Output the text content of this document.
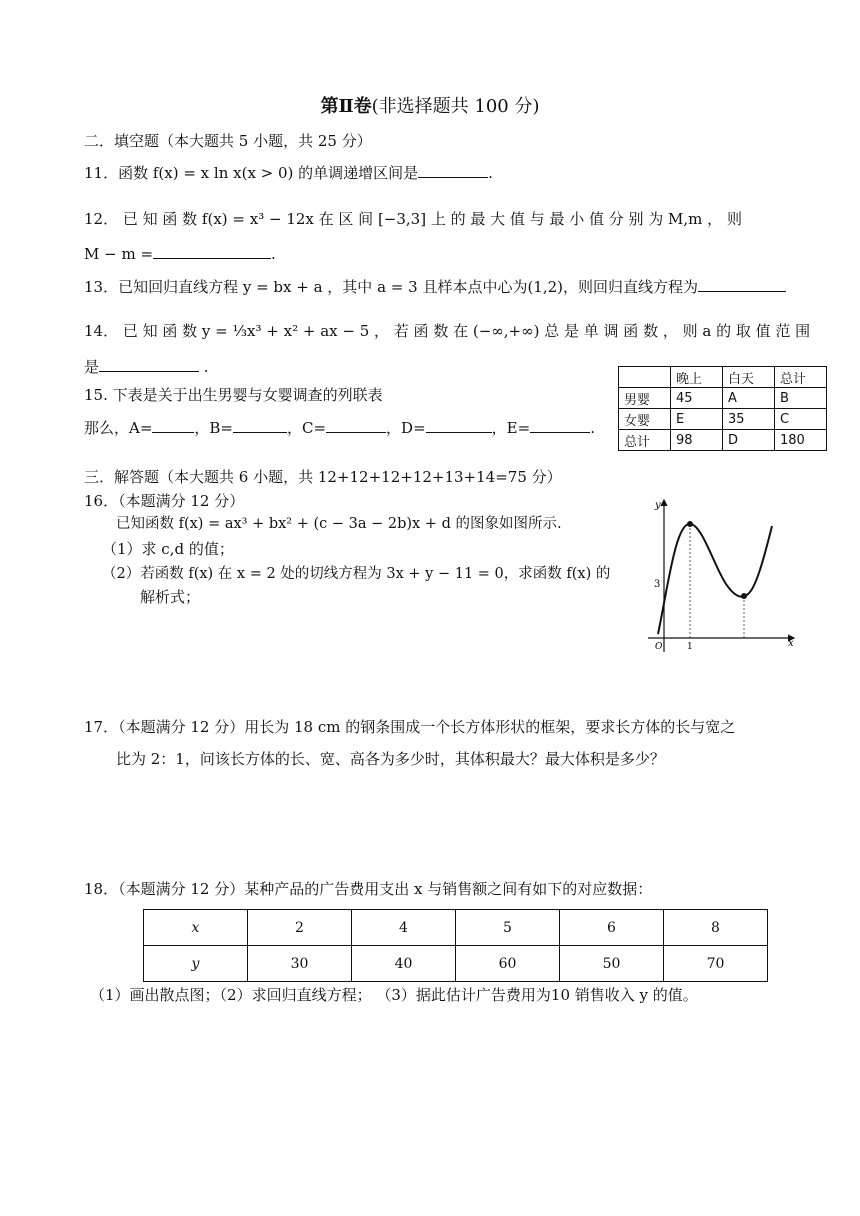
第Ⅱ卷(非选择题共 100 分)
二．填空题（本大题共 5 小题，共 25 分）
11．函数 f(x) = x ln x(x > 0) 的单调递增区间是	.
12． 已 知 函 数 f(x) = x³ − 12x 在 区 间 [−3,3] 上 的 最 大 值 与 最 小 值 分 别 为 M,m ， 则
M − m =	.
13．已知回归直线方程 y = bx + a ，其中 a = 3 且样本点中心为(1,2)，则回归直线方程为
14． 已 知 函 数 y = ⅓x³ + x² + ax − 5 ， 若 函 数 在 (−∞,+∞) 总 是 单 调 函 数 ， 则 a 的 取 值 范 围
是	.
15. 下表是关于出生男婴与女婴调查的列联表
那么，A=	，B=	，C=	，D=	，E=	.
	晚上	白天	总计
男婴	45	A	B
女婴	E	35	C
总计	98	D	180
三．解答题（本大题共 6 小题，共 12+12+12+12+13+14=75 分）
16．（本题满分 12 分）
已知函数 f(x) = ax³ + bx² + (c − 3a − 2b)x + d 的图象如图所示.
（1）求 c,d 的值；
（2）若函数 f(x) 在 x = 2 处的切线方程为 3x + y − 11 = 0，求函数 f(x) 的
解析式；
y
x
O	1
3
17．（本题满分 12 分）用长为 18 cm 的钢条围成一个长方体形状的框架，要求长方体的长与宽之
比为 2：1，问该长方体的长、宽、高各为多少时，其体积最大？最大体积是多少？
18．（本题满分 12 分）某种产品的广告费用支出 x 与销售额之间有如下的对应数据：
x	2	4	5	6	8
y	30	40	60	50	70
（1）画出散点图；（2）求回归直线方程； （3）据此估计广告费用为10 销售收入 y 的值。
